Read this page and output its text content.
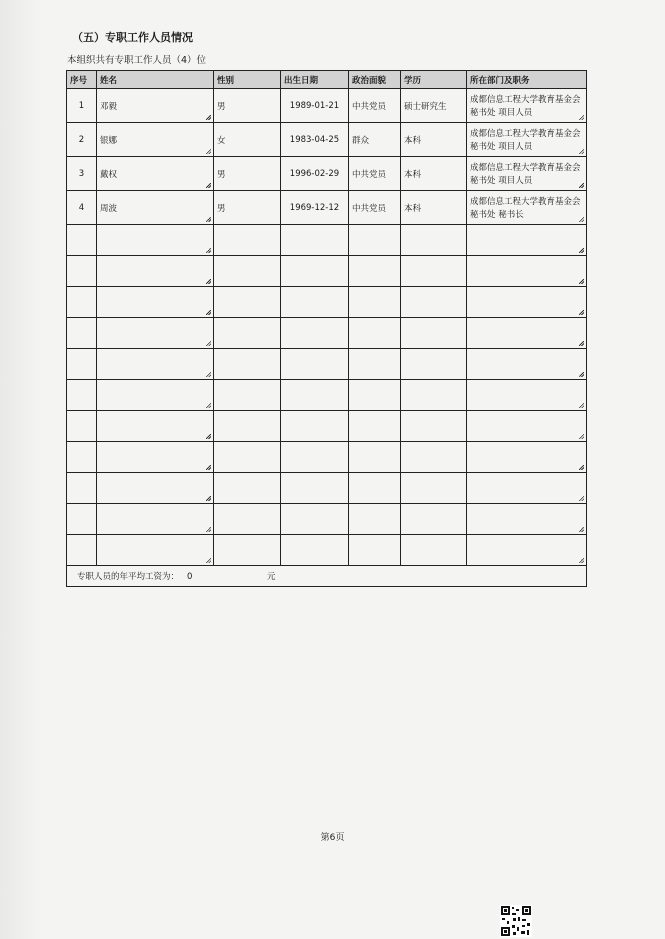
（五）专职工作人员情况
本组织共有专职工作人员（4）位
序号	姓名	性别	出生日期	政治面貌	学历	所在部门及职务
1	邓毅	男	1989-01-21	中共党员	硕士研究生	成都信息工程大学教育基金会
秘书处 项目人员

2	银娜	女	1983-04-25	群众	本科	成都信息工程大学教育基金会
秘书处 项目人员

3	戴权	男	1996-02-29	中共党员	本科	成都信息工程大学教育基金会
秘书处 项目人员

4	周波	男	1969-12-12	中共党员	本科	成都信息工程大学教育基金会
秘书处 秘书长

专职人员的年平均工资为： 0 元						
第6页
